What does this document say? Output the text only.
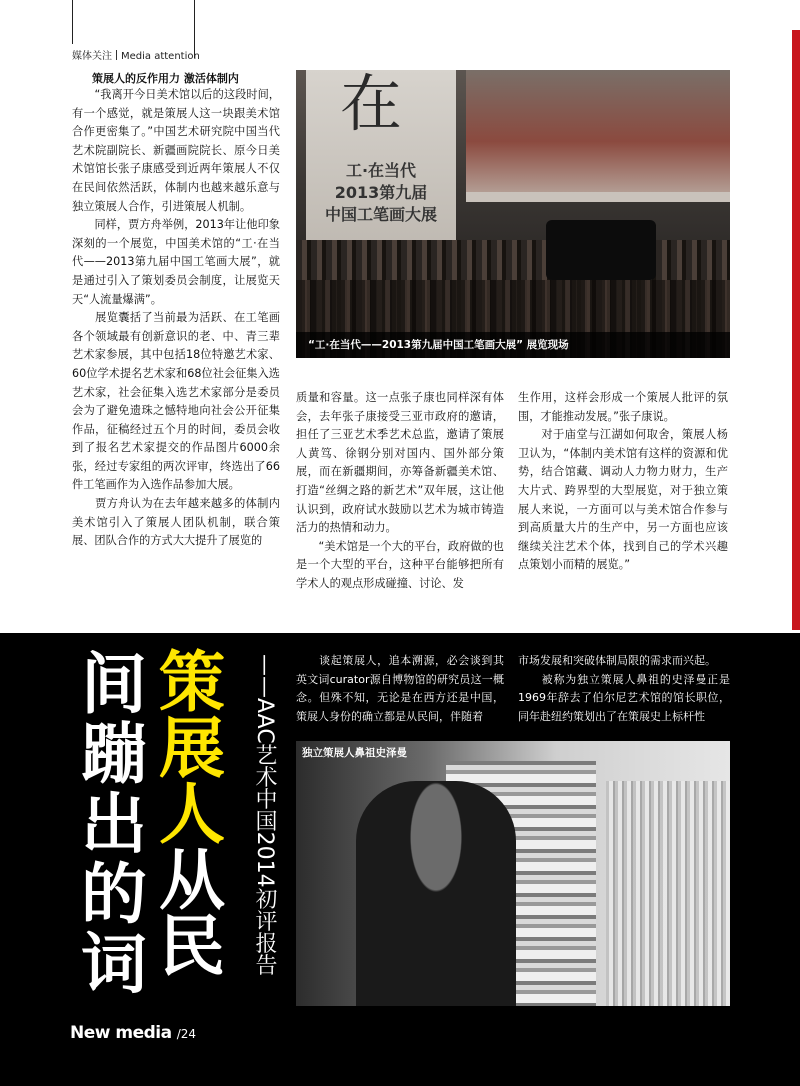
媒体关注 Media attention
策展人的反作用力 激活体制内

　　“我离开今日美术馆以后的这段时间，有一个感觉，就是策展人这一块跟美术馆合作更密集了。”中国艺术研究院中国当代艺术院副院长、新疆画院院长、原今日美术馆馆长张子康感受到近两年策展人不仅在民间依然活跃，体制内也越来越乐意与独立策展人合作，引进策展人机制。

　　同样，贾方舟举例，2013年让他印象深刻的一个展览，中国美术馆的“工·在当代——2013第九届中国工笔画大展”，就是通过引入了策划委员会制度，让展览天天“人流量爆满”。

　　展览囊括了当前最为活跃、在工笔画各个领域最有创新意识的老、中、青三辈艺术家参展，其中包括18位特邀艺术家、60位学术提名艺术家和68位社会征集入选艺术家，社会征集入选艺术家部分是委员会为了避免遗珠之憾特地向社会公开征集作品，征稿经过五个月的时间，委员会收到了报名艺术家提交的作品图片6000余张，经过专家组的两次评审，终选出了66件工笔画作为入选作品参加大展。

　　贾方舟认为在去年越来越多的体制内美术馆引入了策展人团队机制，联合策展、团队合作的方式大大提升了展览的

在
工·在当代
2013第九届
中国工笔画大展
“工·在当代——2013第九届中国工笔画大展” 展览现场

质量和容量。这一点张子康也同样深有体会，去年张子康接受三亚市政府的邀请，担任了三亚艺术季艺术总监，邀请了策展人黄笃、徐钢分别对国内、国外部分策展，而在新疆期间，亦筹备新疆美术馆、打造“丝绸之路的新艺术”双年展，这让他认识到，政府试水鼓励以艺术为城市铸造活力的热情和动力。

　　“美术馆是一个大的平台，政府做的也是一个大型的平台，这种平台能够把所有学术人的观点形成碰撞、讨论、发

生作用，这样会形成一个策展人批评的氛围，才能推动发展。”张子康说。

　　对于庙堂与江湖如何取舍，策展人杨卫认为，“体制内美术馆有这样的资源和优势，结合馆藏、调动人力物力财力，生产大片式、跨界型的大型展览，对于独立策展人来说，一方面可以与美术馆合作参与到高质量大片的生产中，另一方面也应该继续关注艺术个体，找到自己的学术兴趣点策划小而精的展览。”

间
蹦
出
的
词
策
展
人
从
民	——AAC艺术中国2014初评报告 　　谈起策展人，追本溯源，必会谈到其英文词curator源自博物馆的研究员这一概念。但殊不知，无论是在西方还是中国，策展人身份的确立都是从民间，伴随着

市场发展和突破体制局限的需求而兴起。

　　被称为独立策展人鼻祖的史泽曼正是1969年辞去了伯尔尼艺术馆的馆长职位，同年赴纽约策划出了在策展史上标杆性

独立策展人鼻祖史泽曼
New media /24
